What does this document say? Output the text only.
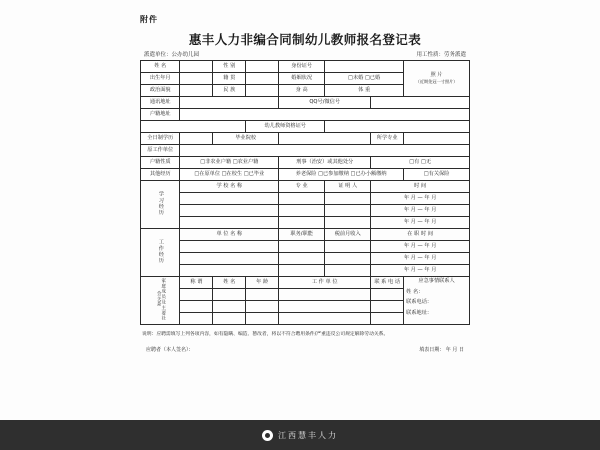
附件
惠丰人力非编合同制幼儿教师报名登记表
派遣单位：公办幼儿园	用工性质：劳务派遣
姓 名		性 别		身份证号			照 片
（近期免冠一寸照片）
出生年月		籍 贯		婚姻状况	□未婚 □已婚		
政治面貌		民 族		身 高	体 重		
通讯地址				QQ号/微信号			
户籍地址							
			幼儿教师资格证号				
全日制学历		毕业院校				所学专业	
原工作单位							
户籍性质	□非农业户籍 □农业户籍			刑事（治安）或其他处分		□有 □无	
其他经历	□在原单位 □在校生 □已毕业			养老保险 □已参加缴纳 □已办小额缴纳			□有关保险
学习经历	学 校 名 称			专 业	证 明 人	时 间	
						年 月 — 年 月	
						年 月 — 年 月	
						年 月 — 年 月	
工作经历	单 位 名 称			职务/职能	税前月收入	在 职 时 间	
						年 月 — 年 月	
						年 月 — 年 月	
						年 月 — 年 月	
家庭成员及主要社会关系	称 谓	姓 名	年 龄	工 作 单 位		联 系 电 话	应急事情联系人
姓 名：
联系电话：
联系地址：

说明：应聘需填写上列各项内容，如有隐瞒、编造、篡改者，将以不符合聘用条件/严重违反公司规定解除劳动关系。
应聘者（本人签名）：	填表日期： 年 月 日
江西慧丰人力
